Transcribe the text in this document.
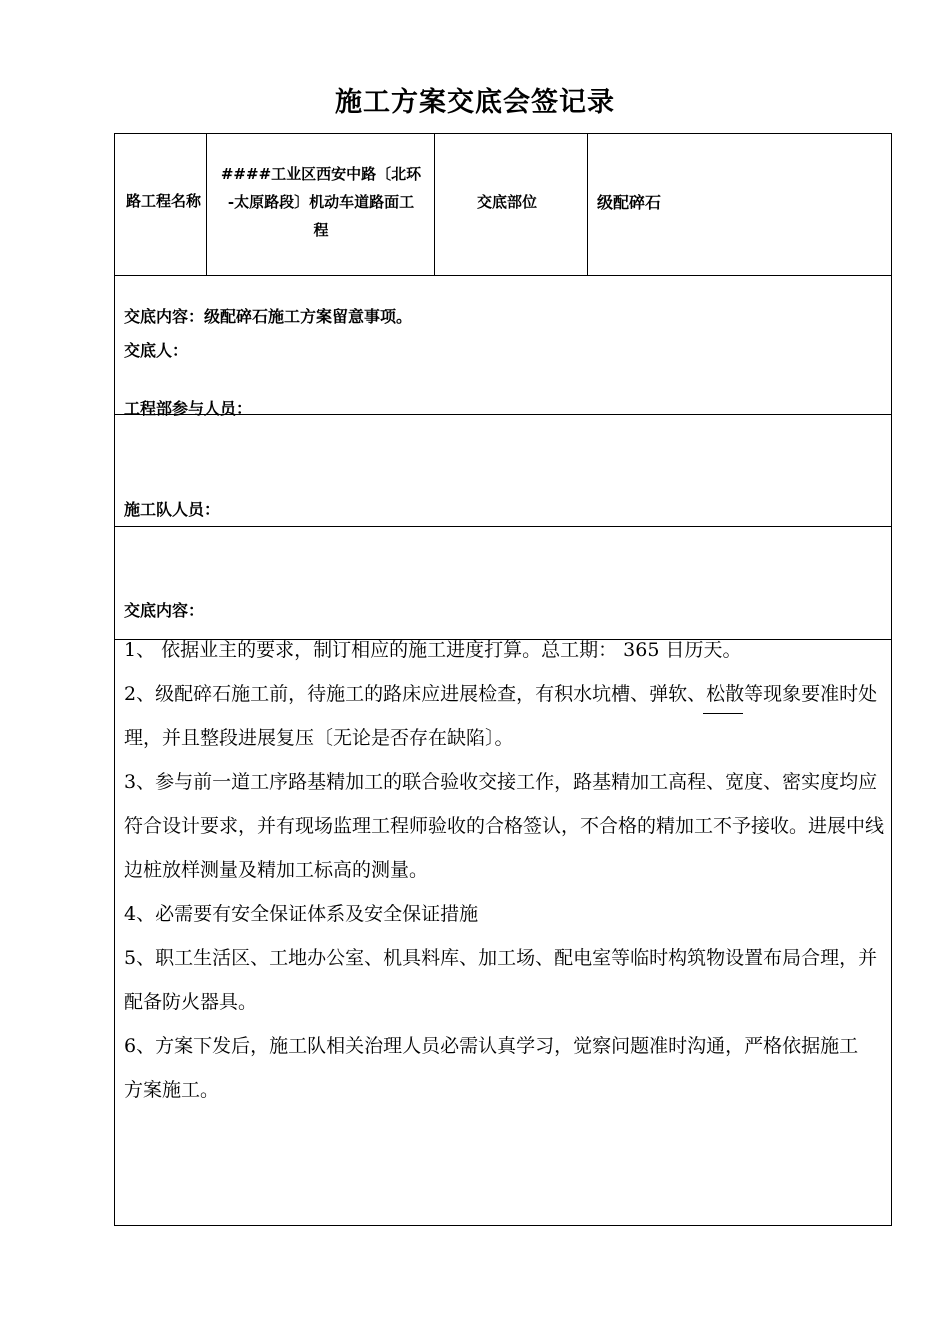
施工方案交底会签记录
路工程名称
####工业区西安中路〔北环
-太原路段〕机动车道路面工
程
交底部位	级配碎石
交底内容：级配碎石施工方案留意事项。
交底人：
工程部参与人员：
施工队人员：
交底内容：

1、 依据业主的要求，制订相应的施工进度打算。总工期： 365 日历天。

2、级配碎石施工前，待施工的路床应进展检查，有积水坑槽、弹软、松散等现象要准时处理，并且整段进展复压〔无论是否存在缺陷〕。

3、参与前一道工序路基精加工的联合验收交接工作，路基精加工高程、宽度、密实度均应符合设计要求，并有现场监理工程师验收的合格签认，不合格的精加工不予接收。进展中线边桩放样测量及精加工标高的测量。

4、必需要有安全保证体系及安全保证措施

5、职工生活区、工地办公室、机具料库、加工场、配电室等临时构筑物设置布局合理，并配备防火器具。

6、方案下发后，施工队相关治理人员必需认真学习，觉察问题准时沟通，严格依据施工方案施工。
